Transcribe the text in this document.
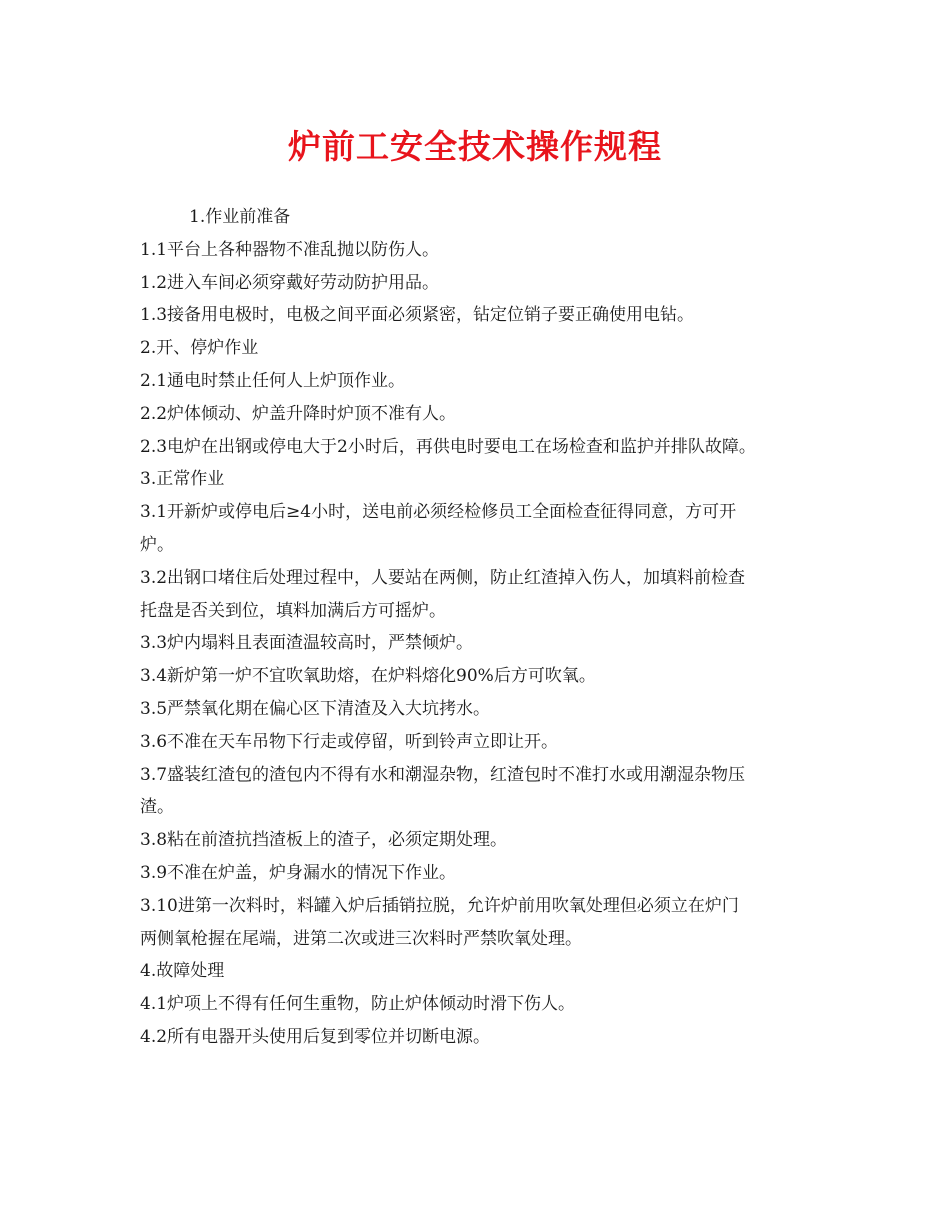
炉前工安全技术操作规程
1.作业前准备
1.1平台上各种器物不准乱抛以防伤人。
1.2进入车间必须穿戴好劳动防护用品。
1.3接备用电极时，电极之间平面必须紧密，钻定位销子要正确使用电钻。
2.开、停炉作业
2.1通电时禁止任何人上炉顶作业。
2.2炉体倾动、炉盖升降时炉顶不准有人。
2.3电炉在出钢或停电大于2小时后，再供电时要电工在场检查和监护并排队故障。
3.正常作业
3.1开新炉或停电后≥4小时，送电前必须经检修员工全面检查征得同意，方可开
炉。
3.2出钢口堵住后处理过程中，人要站在两侧，防止红渣掉入伤人，加填料前检查
托盘是否关到位，填料加满后方可摇炉。
3.3炉内塌料且表面渣温较高时，严禁倾炉。
3.4新炉第一炉不宜吹氧助熔，在炉料熔化90%后方可吹氧。
3.5严禁氧化期在偏心区下清渣及入大坑拷水。
3.6不准在天车吊物下行走或停留，听到铃声立即让开。
3.7盛装红渣包的渣包内不得有水和潮湿杂物，红渣包时不准打水或用潮湿杂物压
渣。
3.8粘在前渣抗挡渣板上的渣子，必须定期处理。
3.9不准在炉盖，炉身漏水的情况下作业。
3.10进第一次料时，料罐入炉后插销拉脱，允许炉前用吹氧处理但必须立在炉门
两侧氧枪握在尾端，进第二次或进三次料时严禁吹氧处理。
4.故障处理
4.1炉项上不得有任何生重物，防止炉体倾动时滑下伤人。
4.2所有电器开头使用后复到零位并切断电源。
